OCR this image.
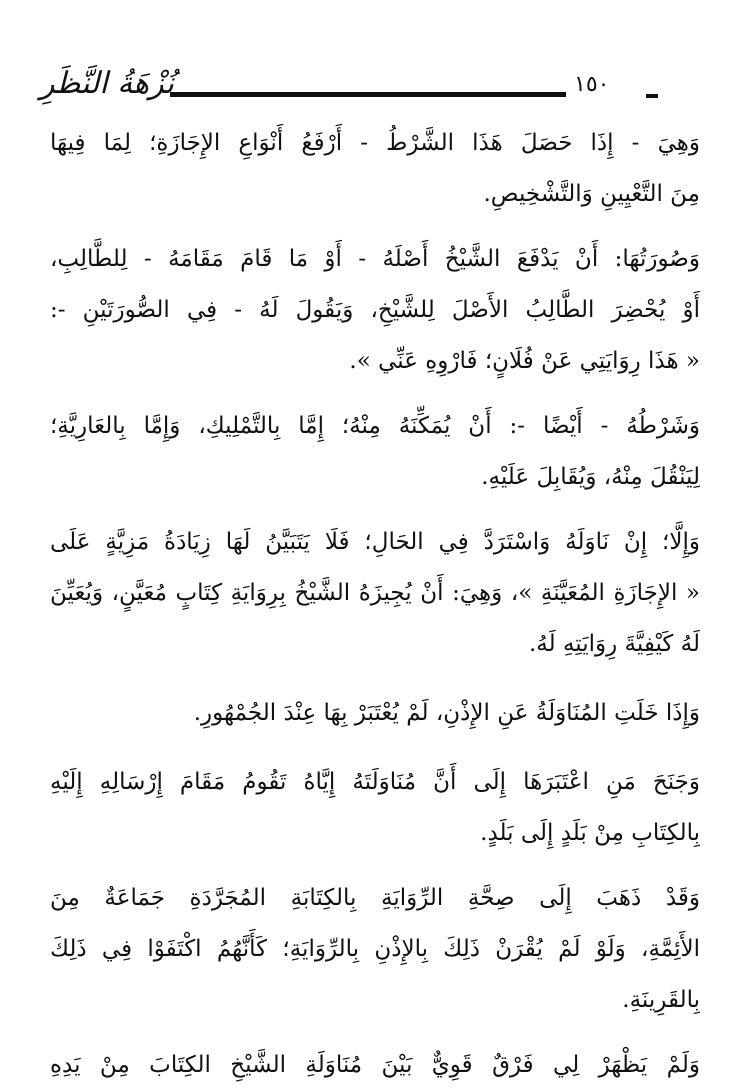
نُزْهَةُ النَّظَرِ	١٥٠
وَهِيَ - إِذَا حَصَلَ هَذَا الشَّرْطُ - أَرْفَعُ أَنْوَاعِ الإِجَازَةِ؛ لِمَا فِيهَا
مِنَ التَّعْيِينِ وَالتَّشْخِيصِ.
وَصُورَتُهَا: أَنْ يَدْفَعَ الشَّيْخُ أَصْلَهُ - أَوْ مَا قَامَ مَقَامَهُ - لِلطَّالِبِ،
أَوْ يُحْضِرَ الطَّالِبُ الأَصْلَ لِلشَّيْخِ، وَيَقُولَ لَهُ - فِي الصُّورَتَيْنِ -:
« هَذَا رِوَايَتِي عَنْ فُلَانٍ؛ فَارْوِهِ عَنِّي ».
وَشَرْطُهُ - أَيْضًا -: أَنْ يُمَكِّنَهُ مِنْهُ؛ إِمَّا بِالتَّمْلِيكِ، وَإِمَّا بِالعَارِيَّةِ؛
لِيَنْقُلَ مِنْهُ، وَيُقَابِلَ عَلَيْهِ.
وَإِلَّا؛ إِنْ نَاوَلَهُ وَاسْتَرَدَّ فِي الحَالِ؛ فَلَا يَتَبَيَّنُ لَهَا زِيَادَةُ مَزِيَّةٍ عَلَى
« الإِجَازَةِ المُعَيَّنَةِ »، وَهِيَ: أَنْ يُجِيزَهُ الشَّيْخُ بِرِوَايَةِ كِتَابٍ مُعَيَّنٍ، وَيُعَيِّنَ
لَهُ كَيْفِيَّةَ رِوَايَتِهِ لَهُ.
وَإِذَا خَلَتِ المُنَاوَلَةُ عَنِ الإِذْنِ، لَمْ يُعْتَبَرْ بِهَا عِنْدَ الجُمْهُورِ.
وَجَنَحَ مَنِ اعْتَبَرَهَا إِلَى أَنَّ مُنَاوَلَتَهُ إِيَّاهُ تَقُومُ مَقَامَ إِرْسَالِهِ إِلَيْهِ
بِالكِتَابِ مِنْ بَلَدٍ إِلَى بَلَدٍ.
وَقَدْ ذَهَبَ إِلَى صِحَّةِ الرِّوَايَةِ بِالكِتَابَةِ المُجَرَّدَةِ جَمَاعَةٌ مِنَ
الأَئِمَّةِ، وَلَوْ لَمْ يُقْرَنْ ذَلِكَ بِالإِذْنِ بِالرِّوَايَةِ؛ كَأَنَّهُمُ اكْتَفَوْا فِي ذَلِكَ
بِالقَرِينَةِ.
وَلَمْ يَظْهَرْ لِي فَرْقٌ قَوِيٌّ بَيْنَ مُنَاوَلَةِ الشَّيْخِ الكِتَابَ مِنْ يَدِهِ
